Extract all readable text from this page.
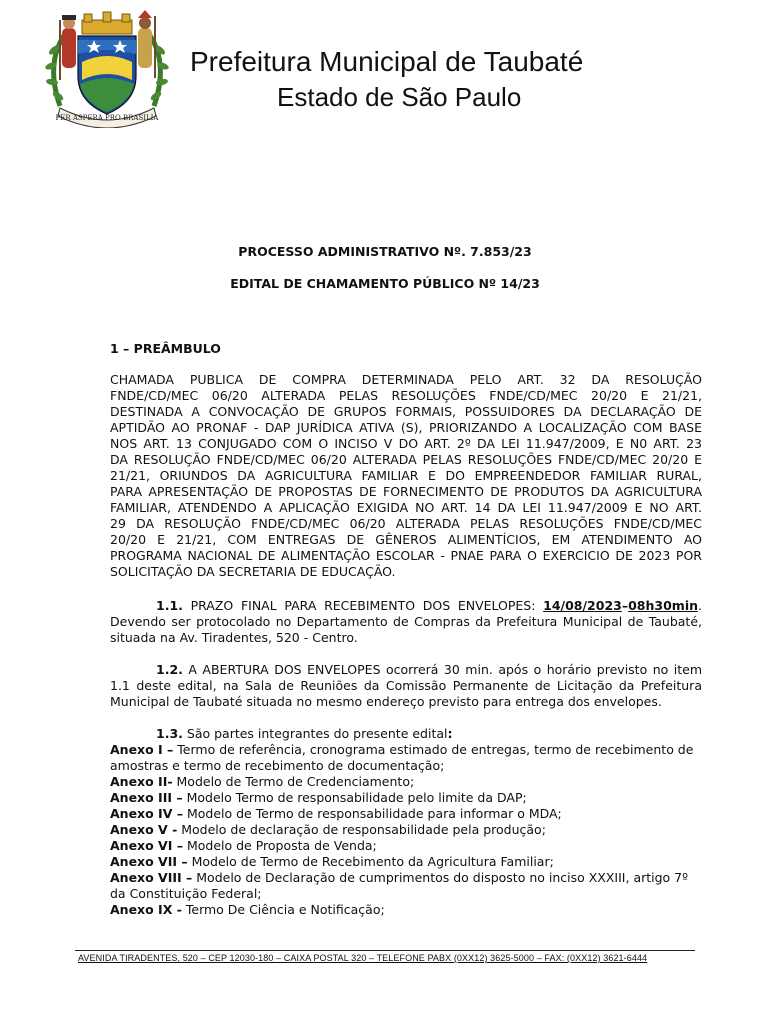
PER ASPERA PRO BRASILIA
Prefeitura Municipal de Taubaté
Estado de São Paulo
PROCESSO ADMINISTRATIVO Nº. 7.853/23
EDITAL DE CHAMAMENTO PÚBLICO Nº 14/23
1 – PREÂMBULO
CHAMADA PUBLICA DE COMPRA DETERMINADA PELO ART. 32 DA RESOLUÇÃO
FNDE/CD/MEC 06/20 ALTERADA PELAS RESOLUÇÕES FNDE/CD/MEC 20/20 E 21/21,
DESTINADA A CONVOCAÇÃO DE GRUPOS FORMAIS, POSSUIDORES DA DECLARAÇÃO DE
APTIDÃO AO PRONAF - DAP JURÍDICA ATIVA (S), PRIORIZANDO A LOCALIZAÇÃO COM BASE
NOS ART. 13 CONJUGADO COM O INCISO V DO ART. 2º DA LEI 11.947/2009, E N0 ART. 23
DA RESOLUÇÃO FNDE/CD/MEC 06/20 ALTERADA PELAS RESOLUÇÕES FNDE/CD/MEC 20/20 E
21/21, ORIUNDOS DA AGRICULTURA FAMILIAR E DO EMPREENDEDOR FAMILIAR RURAL,
PARA APRESENTAÇÃO DE PROPOSTAS DE FORNECIMENTO DE PRODUTOS DA AGRICULTURA
FAMILIAR, ATENDENDO A APLICAÇÃO EXIGIDA NO ART. 14 DA LEI 11.947/2009 E NO ART.
29 DA RESOLUÇÃO FNDE/CD/MEC 06/20 ALTERADA PELAS RESOLUÇÕES FNDE/CD/MEC
20/20 E 21/21, COM ENTREGAS DE GÊNEROS ALIMENTÍCIOS, EM ATENDIMENTO AO
PROGRAMA NACIONAL DE ALIMENTAÇÃO ESCOLAR - PNAE PARA O EXERCICIO DE 2023 POR
SOLICITAÇÃO DA SECRETARIA DE EDUCAÇÃO.
1.1. PRAZO FINAL PARA RECEBIMENTO DOS ENVELOPES: 14/08/2023–08h30min. Devendo ser protocolado no Departamento de Compras da Prefeitura Municipal de Taubaté, situada na Av. Tiradentes, 520 - Centro.
1.2. A ABERTURA DOS ENVELOPES ocorrerá 30 min. após o horário previsto no item 1.1 deste edital, na Sala de Reuniões da Comissão Permanente de Licitação da Prefeitura Municipal de Taubaté situada no mesmo endereço previsto para entrega dos envelopes.
1.3. São partes integrantes do presente edital:
Anexo I – Termo de referência, cronograma estimado de entregas, termo de recebimento de amostras e termo de recebimento de documentação;
Anexo II- Modelo de Termo de Credenciamento;
Anexo III – Modelo Termo de responsabilidade pelo limite da DAP;
Anexo IV – Modelo de Termo de responsabilidade para informar o MDA;
Anexo V - Modelo de declaração de responsabilidade pela produção;
Anexo VI – Modelo de Proposta de Venda;
Anexo VII – Modelo de Termo de Recebimento da Agricultura Familiar;
Anexo VIII – Modelo de Declaração de cumprimentos do disposto no inciso XXXIII, artigo 7º da Constituição Federal;
Anexo IX - Termo De Ciência e Notificação;
AVENIDA TIRADENTES, 520 – CEP 12030-180 – CAIXA POSTAL 320 – TELEFONE PABX (0XX12) 3625-5000 – FAX: (0XX12) 3621-6444
